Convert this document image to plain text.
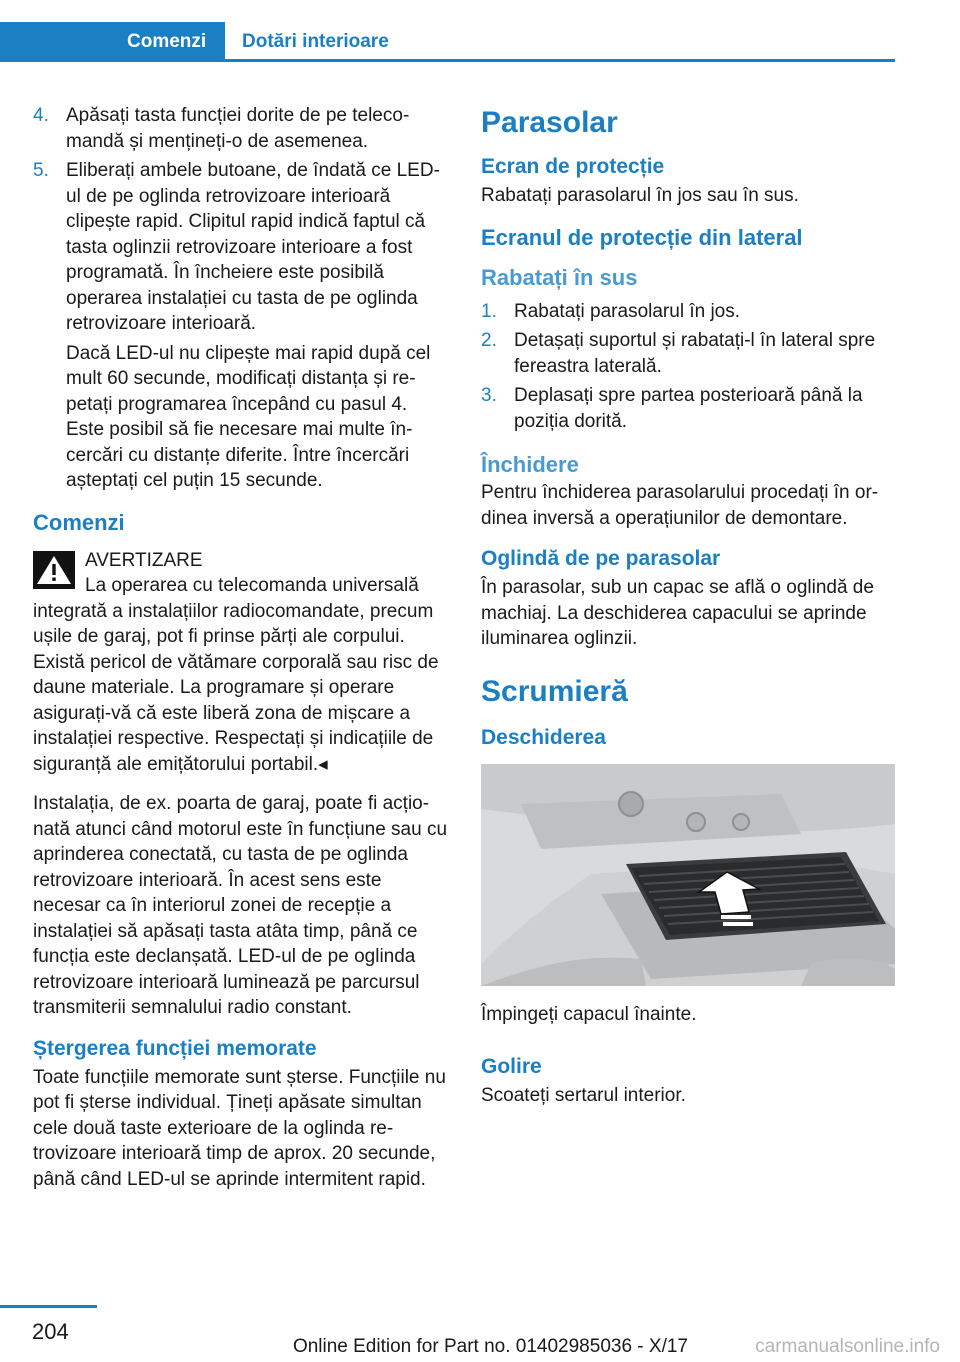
Comenzi	Dotări interioare
4. Apăsați tasta funcției dorite de pe telecomandă și mențineți-o de asemenea.
5. Eliberați ambele butoane, de îndată ce LED-ul de pe oglinda retrovizoare interioară clipește rapid. Clipitul rapid indică faptul că tasta oglinzii retrovizoare interioare a fost programată. În încheiere este posibilă operarea instalației cu tasta de pe oglinda retrovizoare interioară.

Dacă LED-ul nu clipește mai rapid după cel mult 60 secunde, modificați distanța și repetați programarea începând cu pasul 4. Este posibil să fie necesare mai multe încercări cu distanțe diferite. Între încercări așteptați cel puțin 15 secunde.

Comenzi
AVERTIZARE
La operarea cu telecomanda universală integrată a instalațiilor radiocomandate, precum ușile de garaj, pot fi prinse părți ale corpului. Există pericol de vătămare corporală sau risc de daune materiale. La programare și operare asigurați-vă că este liberă zona de mișcare a instalației respective. Respectați și indicațiile de siguranță ale emițătorului portabil.◂

Instalația, de ex. poarta de garaj, poate fi acționată atunci când motorul este în funcțiune sau cu aprinderea conectată, cu tasta de pe oglinda retrovizoare interioară. În acest sens este necesar ca în interiorul zonei de recepție a instalației să apăsați tasta atâta timp, până ce funcția este declanșată. LED-ul de pe oglinda retrovizoare interioară luminează pe parcursul transmiterii semnalului radio constant.

Ștergerea funcției memorate

Toate funcțiile memorate sunt șterse. Funcțiile nu pot fi șterse individual. Țineți apăsate simultan cele două taste exterioare de la oglinda retrovizoare interioară timp de aprox. 20 secunde, până când LED-ul se aprinde intermitent rapid.

Parasolar
Ecran de protecție

Rabatați parasolarul în jos sau în sus.

Ecranul de protecție din lateral
Rabatați în sus
1. Rabatați parasolarul în jos.
2. Detașați suportul și rabatați-l în lateral spre fereastra laterală.
3. Deplasați spre partea posterioară până la poziția dorită.
Închidere

Pentru închiderea parasolarului procedați în ordinea inversă a operațiunilor de demontare.

Oglindă de pe parasolar

În parasolar, sub un capac se află o oglindă de machiaj. La deschiderea capacului se aprinde iluminarea oglinzii.

Scrumieră
Deschiderea

Împingeți capacul înainte.

Golire

Scoateți sertarul interior.

204
Online Edition for Part no. 01402985036 - X/17	carmanualsonline.info
